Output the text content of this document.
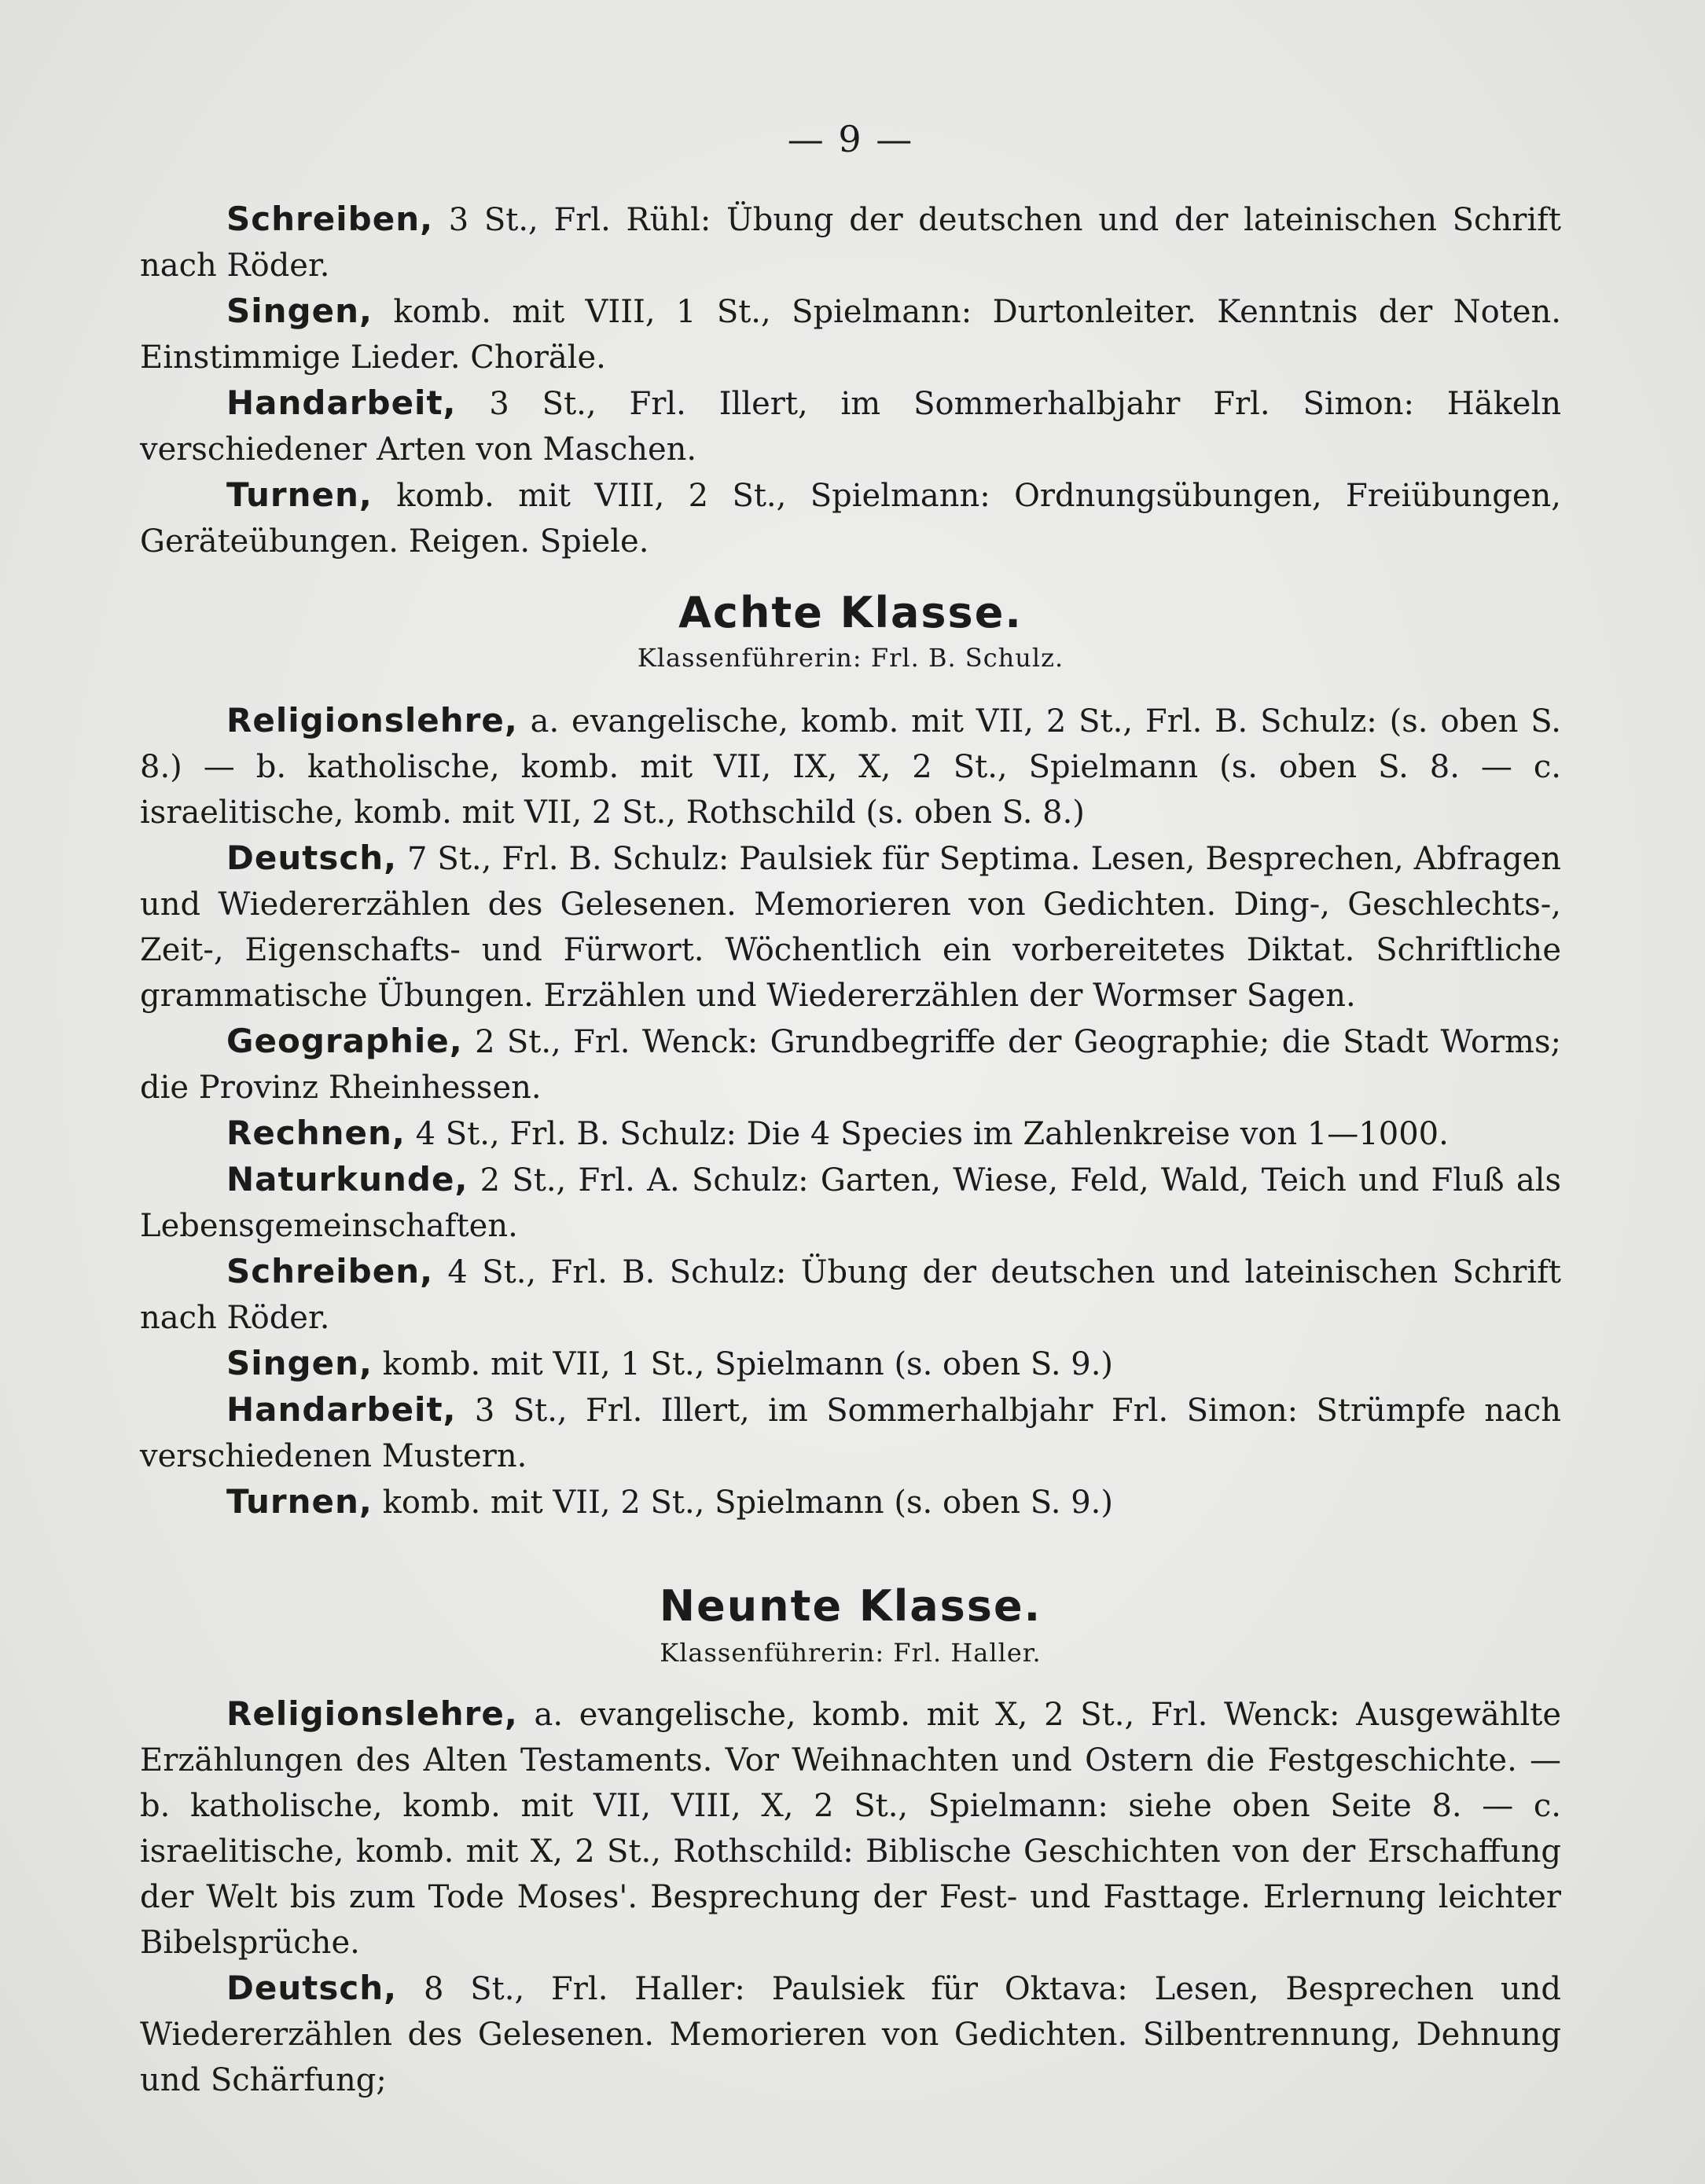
— 9 —

Schreiben, 3 St., Frl. Rühl: Übung der deutschen und der lateinischen Schrift nach Röder.

Singen, komb. mit VIII, 1 St., Spielmann: Durtonleiter. Kenntnis der Noten. Einstimmige Lieder. Choräle.

Handarbeit, 3 St., Frl. Illert, im Sommerhalbjahr Frl. Simon: Häkeln verschiedener Arten von Maschen.

Turnen, komb. mit VIII, 2 St., Spielmann: Ordnungsübungen, Freiübungen, Geräteübungen. Reigen. Spiele.

Achte Klasse.
Klassenführerin: Frl. B. Schulz.

Religionslehre, a. evangelische, komb. mit VII, 2 St., Frl. B. Schulz: (s. oben S. 8.) — b. katholische, komb. mit VII, IX, X, 2 St., Spielmann (s. oben S. 8. — c. israelitische, komb. mit VII, 2 St., Rothschild (s. oben S. 8.)

Deutsch, 7 St., Frl. B. Schulz: Paulsiek für Septima. Lesen, Besprechen, Abfragen und Wiedererzählen des Gelesenen. Memorieren von Gedichten. Ding-, Geschlechts-, Zeit-, Eigenschafts- und Fürwort. Wöchentlich ein vorbereitetes Diktat. Schriftliche grammatische Übungen. Erzählen und Wiedererzählen der Wormser Sagen.

Geographie, 2 St., Frl. Wenck: Grundbegriffe der Geographie; die Stadt Worms; die Provinz Rheinhessen.

Rechnen, 4 St., Frl. B. Schulz: Die 4 Species im Zahlenkreise von 1—1000.

Naturkunde, 2 St., Frl. A. Schulz: Garten, Wiese, Feld, Wald, Teich und Fluß als Lebensgemeinschaften.

Schreiben, 4 St., Frl. B. Schulz: Übung der deutschen und lateinischen Schrift nach Röder.

Singen, komb. mit VII, 1 St., Spielmann (s. oben S. 9.)

Handarbeit, 3 St., Frl. Illert, im Sommerhalbjahr Frl. Simon: Strümpfe nach verschiedenen Mustern.

Turnen, komb. mit VII, 2 St., Spielmann (s. oben S. 9.)

Neunte Klasse.
Klassenführerin: Frl. Haller.

Religionslehre, a. evangelische, komb. mit X, 2 St., Frl. Wenck: Ausgewählte Erzählungen des Alten Testaments. Vor Weihnachten und Ostern die Festgeschichte. — b. katholische, komb. mit VII, VIII, X, 2 St., Spielmann: siehe oben Seite 8. — c. israelitische, komb. mit X, 2 St., Rothschild: Biblische Geschichten von der Erschaffung der Welt bis zum Tode Moses'. Besprechung der Fest- und Fasttage. Erlernung leichter Bibelsprüche.

Deutsch, 8 St., Frl. Haller: Paulsiek für Oktava: Lesen, Besprechen und Wiedererzählen des Gelesenen. Memorieren von Gedichten. Silbentrennung, Dehnung und Schärfung;
